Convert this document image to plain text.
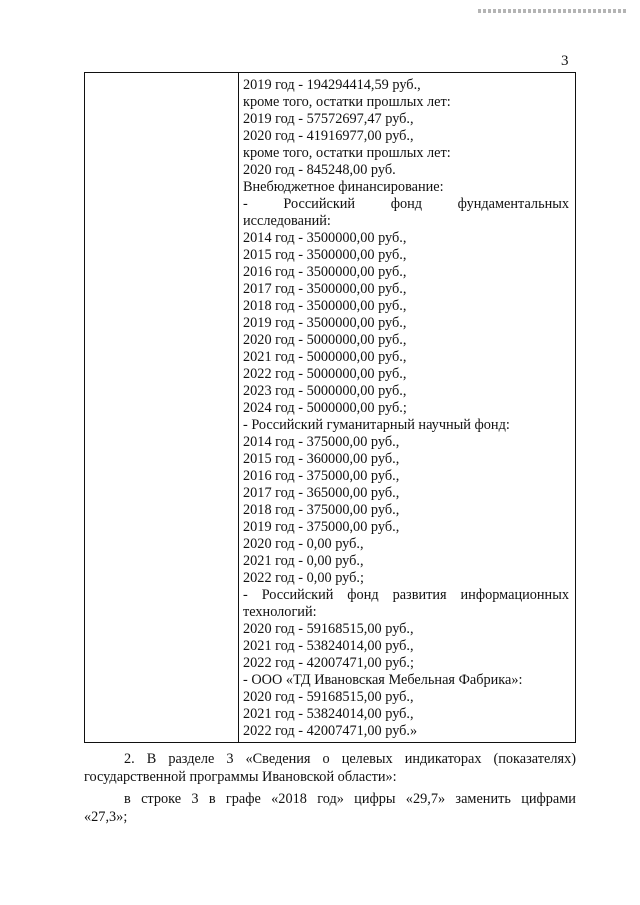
3
2019 год - 194294414,59 руб.,
кроме того, остатки прошлых лет:
2019 год - 57572697,47 руб.,
2020 год - 41916977,00 руб.,
кроме того, остатки прошлых лет:
2020 год - 845248,00 руб.
Внебюджетное финансирование:
- Российский фонд фундаментальных
исследований:
2014 год - 3500000,00 руб.,
2015 год - 3500000,00 руб.,
2016 год - 3500000,00 руб.,
2017 год - 3500000,00 руб.,
2018 год - 3500000,00 руб.,
2019 год - 3500000,00 руб.,
2020 год - 5000000,00 руб.,
2021 год - 5000000,00 руб.,
2022 год - 5000000,00 руб.,
2023 год - 5000000,00 руб.,
2024 год - 5000000,00 руб.;
- Российский гуманитарный научный фонд:
2014 год - 375000,00 руб.,
2015 год - 360000,00 руб.,
2016 год - 375000,00 руб.,
2017 год - 365000,00 руб.,
2018 год - 375000,00 руб.,
2019 год - 375000,00 руб.,
2020 год - 0,00 руб.,
2021 год - 0,00 руб.,
2022 год - 0,00 руб.;
- Российский фонд развития информационных
технологий:
2020 год - 59168515,00 руб.,
2021 год - 53824014,00 руб.,
2022 год - 42007471,00 руб.;
- ООО «ТД Ивановская Мебельная Фабрика»:
2020 год - 59168515,00 руб.,
2021 год - 53824014,00 руб.,
2022 год - 42007471,00 руб.»
2. В разделе 3 «Сведения о целевых индикаторах (показателях)
государственной программы Ивановской области»:
в строке 3 в графе «2018 год» цифры «29,7» заменить цифрами
«27,3»;
